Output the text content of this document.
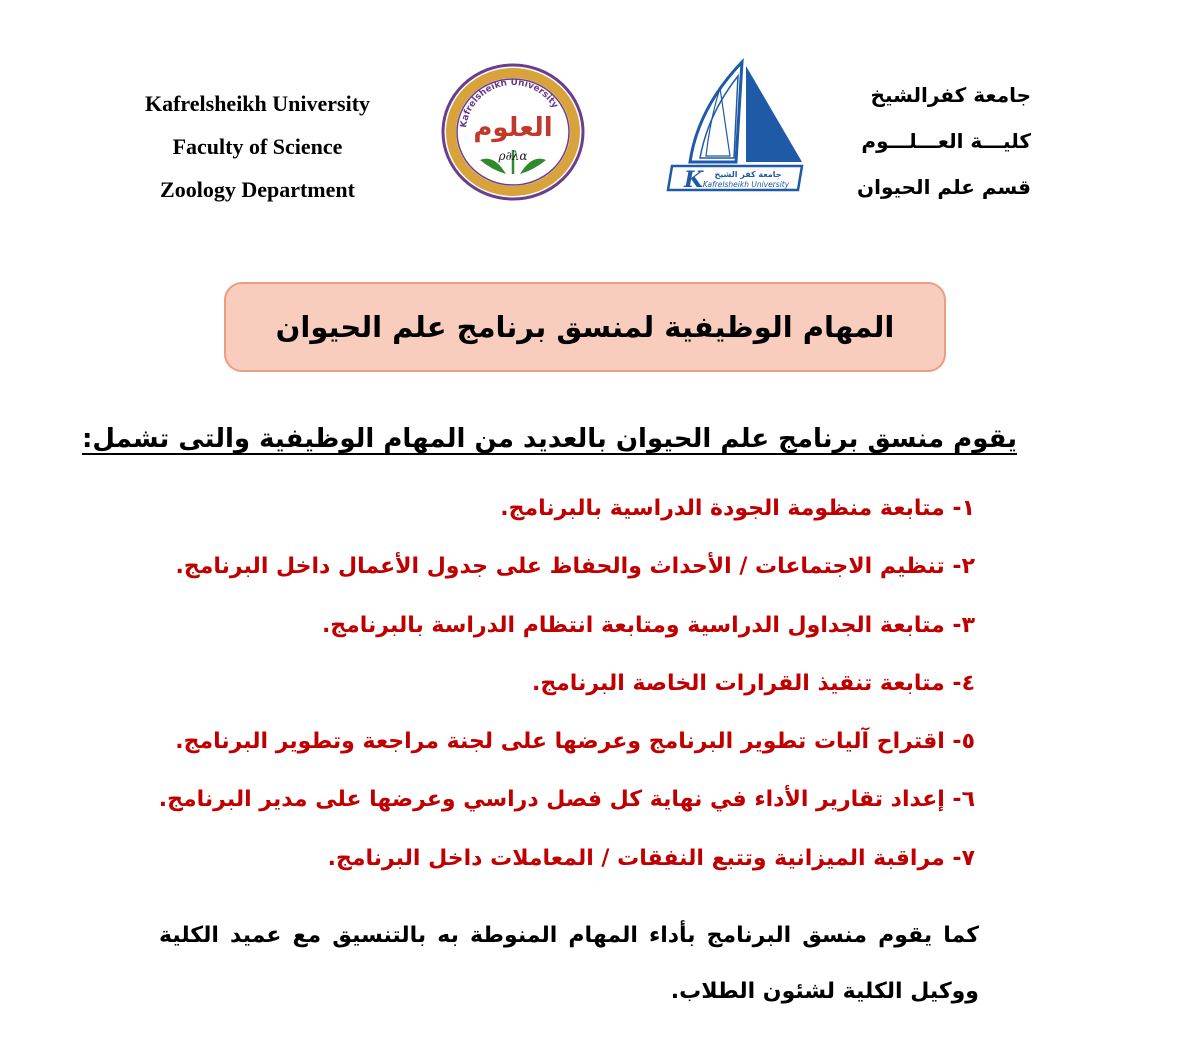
Kafrelsheikh University
Faculty of Science
Zoology Department
Kafrelsheikh University
العلوم
ρ∂λα
K جامعة كفر الشيخ
Kafrelsheikh University
جامعة كفرالشيخ
كليـــة العـــلـــوم
قسم علم الحيوان
المهام الوظيفية لمنسق برنامج علم الحيوان
يقوم منسق برنامج علم الحيوان بالعديد من المهام الوظيفية والتى تشمل:
١- متابعة منظومة الجودة الدراسية بالبرنامج.
٢- تنظيم الاجتماعات / الأحداث والحفاظ على جدول الأعمال داخل البرنامج.
٣- متابعة الجداول الدراسية ومتابعة انتظام الدراسة بالبرنامج.
٤- متابعة تنقيذ القرارات الخاصة البرنامج.
٥- اقتراح آليات تطوير البرنامج وعرضها على لجنة مراجعة وتطوير البرنامج.
٦- إعداد تقارير الأداء في نهاية كل فصل دراسي وعرضها على مدير البرنامج.
٧- مراقبة الميزانية وتتبع النفقات / المعاملات داخل البرنامج.
كما يقوم منسق البرنامج بأداء المهام المنوطة به بالتنسيق مع عميد الكلية ووكيل الكلية لشئون الطلاب.
